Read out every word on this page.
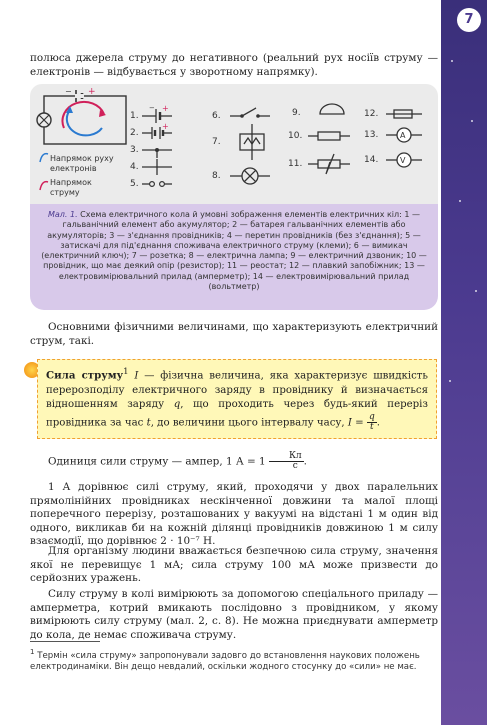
7

полюса джерела струму до негативного (реальний рух носіїв струму — електронів — відбувається у зворотному напрямку).

− +
− +
+
A
V
1.
2.
3.
4.
5.
6.
7.
8.
9.
10.
11.
12.
13.
14.
Напрямок руху електронів
Напрямок струму
Мал. 1. Схема електричного кола й умовні зображення елементів електричних кіл: 1 — гальванічний елемент або акумулятор; 2 — батарея гальванічних елементів або акумуляторів; 3 — з'єднання провідників; 4 — перетин провідників (без з'єднання); 5 — затискачі для під'єднання споживача електричного струму (клеми); 6 — вимикач (електричний ключ); 7 — розетка; 8 — електрична лампа; 9 — електричний дзвоник; 10 — провідник, що має деякий опір (резистор); 11 — реостат; 12 — плавкий запобіжник; 13 — електровимірювальний прилад (амперметр); 14 — електровимірювальний прилад (вольтметр)

Основними фізичними величинами, що характеризують електричний струм, такі.

Сила струму$^1$ I — фізична величина, яка характеризує швидкість перерозподілу електричного заряду в провіднику й визначається відношенням заряду q, що проходить через будь-який переріз провідника за час t, до величини цього інтервалу часу, $I = \frac{q}{t}$ .

Одиниця сили струму — ампер, 1 $А = 1 \frac{Кл}{с}$ .

1 А дорівнює силі струму, який, проходячи у двох паралельних прямолінійних провідниках нескінченної довжини та малої площі поперечного перерізу, розташованих у вакуумі на відстані 1 м один від одного, викликав би на кожній ділянці провідників довжиною 1 м силу взаємодії, що дорівнює 2 · 10⁻⁷ Н.

Для організму людини вважається безпечною сила струму, значення якої не перевищує 1 мА; сила струму 100 мА може призвести до серйозних уражень.

Силу струму в колі вимірюють за допомогою спеціального приладу — амперметра, котрий вмикають послідовно з провідником, у якому вимірюють силу струму (мал. 2, с. 8). Не можна приєднувати амперметр до кола, де немає споживача струму.

$^1$ Термін «сила струму» запропонували задовго до встановлення наукових положень електродинаміки. Він дещо невдалий, оскільки жодного стосунку до «сили» не має.
